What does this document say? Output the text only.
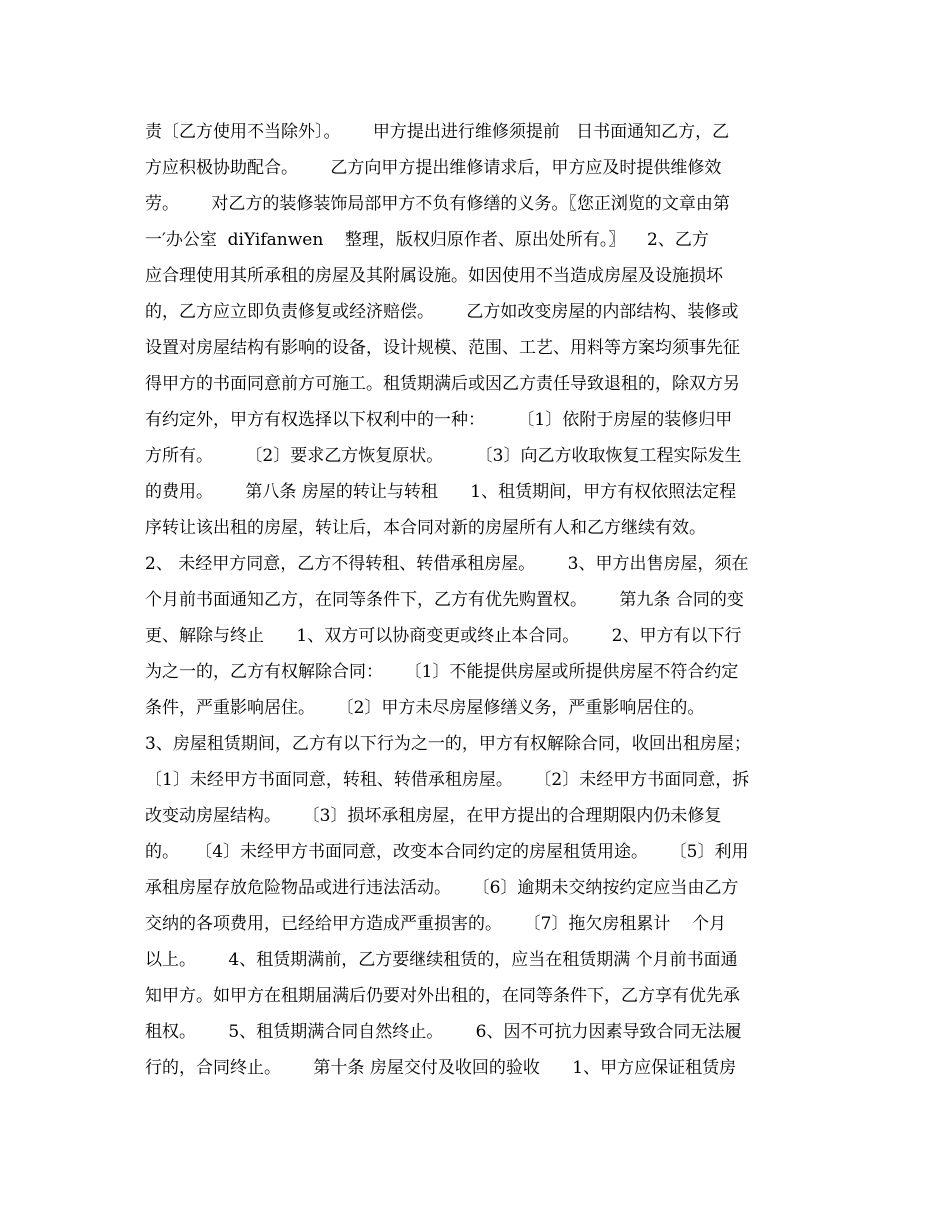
责〔乙方使用不当除外〕。      甲方提出进行维修须提前   日书面通知乙方，乙
方应积极协助配合。      乙方向甲方提出维修请求后，甲方应及时提供维修效
劳。      对乙方的装修装饰局部甲方不负有修缮的义务。〖您正浏览的文章由第
一′办公室  diYifanwen    整理，版权归原作者、原出处所有。〗    2、乙方
应合理使用其所承租的房屋及其附属设施。如因使用不当造成房屋及设施损坏
的，乙方应立即负责修复或经济赔偿。      乙方如改变房屋的内部结构、装修或
设置对房屋结构有影响的设备，设计规模、范围、工艺、用料等方案均须事先征
得甲方的书面同意前方可施工。租赁期满后或因乙方责任导致退租的，除双方另
有约定外，甲方有权选择以下权利中的一种：      〔1〕依附于房屋的装修归甲
方所有。      〔2〕要求乙方恢复原状。      〔3〕向乙方收取恢复工程实际发生
的费用。      第八条 房屋的转让与转租      1、租赁期间，甲方有权依照法定程
序转让该出租的房屋，转让后，本合同对新的房屋所有人和乙方继续有效。
2、 未经甲方同意，乙方不得转租、转借承租房屋。      3、甲方出售房屋，须在
个月前书面通知乙方，在同等条件下，乙方有优先购置权。      第九条 合同的变
更、解除与终止      1、双方可以协商变更或终止本合同。      2、甲方有以下行
为之一的，乙方有权解除合同：    〔1〕不能提供房屋或所提供房屋不符合约定
条件，严重影响居住。    〔2〕甲方未尽房屋修缮义务，严重影响居住的。
3、房屋租赁期间，乙方有以下行为之一的，甲方有权解除合同，收回出租房屋；
〔1〕未经甲方书面同意，转租、转借承租房屋。    〔2〕未经甲方书面同意，拆
改变动房屋结构。    〔3〕损坏承租房屋，在甲方提出的合理期限内仍未修复
的。   〔4〕未经甲方书面同意，改变本合同约定的房屋租赁用途。    〔5〕利用
承租房屋存放危险物品或进行违法活动。    〔6〕逾期未交纳按约定应当由乙方
交纳的各项费用，已经给甲方造成严重损害的。    〔7〕拖欠房租累计    个月
以上。      4、租赁期满前，乙方要继续租赁的，应当在租赁期满 个月前书面通
知甲方。如甲方在租期届满后仍要对外出租的，在同等条件下，乙方享有优先承
租权。      5、租赁期满合同自然终止。      6、因不可抗力因素导致合同无法履
行的，合同终止。      第十条 房屋交付及收回的验收      1、甲方应保证租赁房
